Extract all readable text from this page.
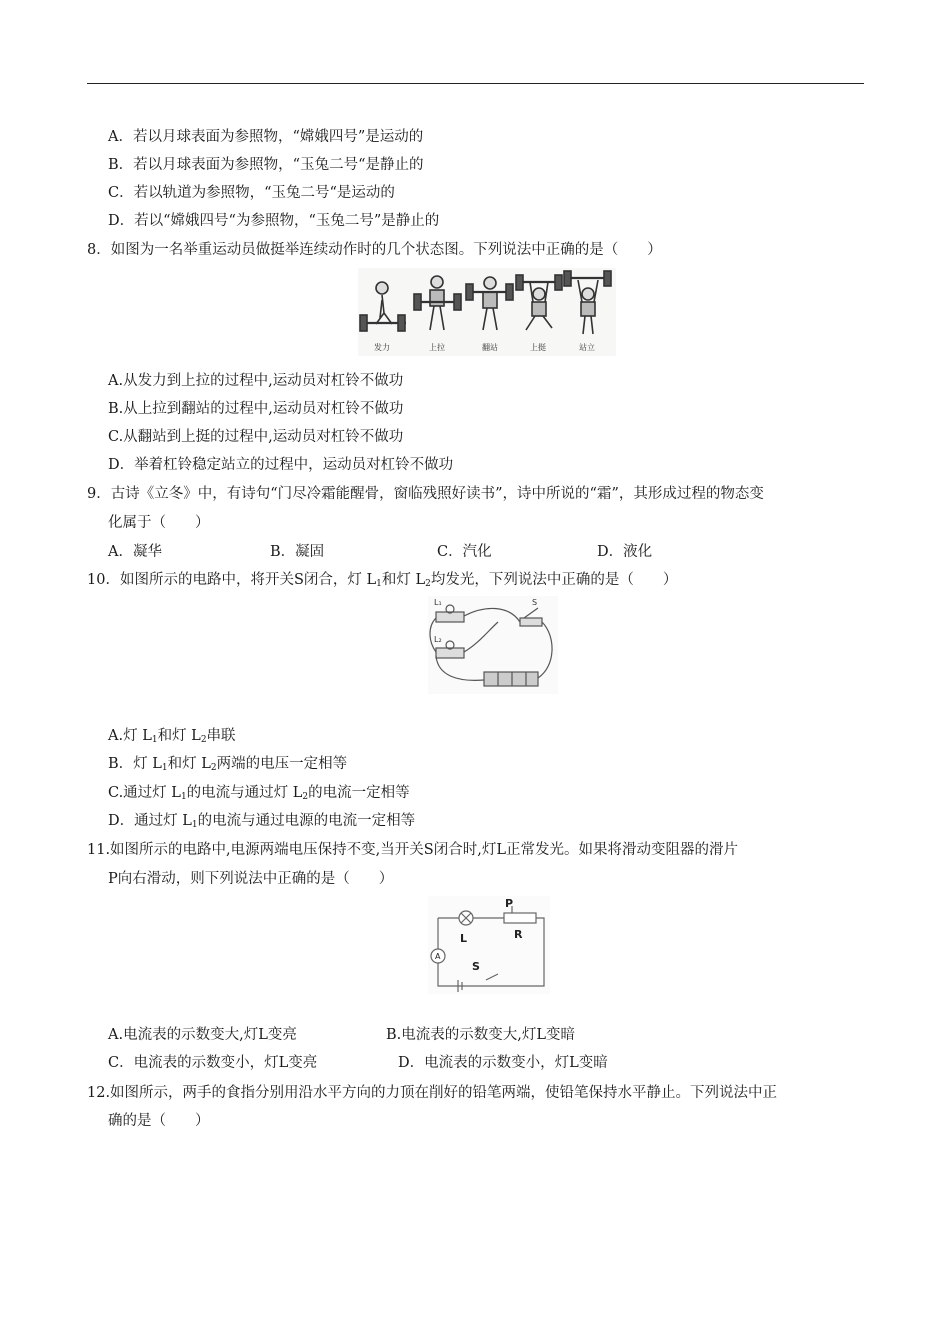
A．若以月球表面为参照物，“嫦娥四号”是运动的
B．若以月球表面为参照物，“玉兔二号“是静止的
C．若以轨道为参照物，“玉兔二号“是运动的
D．若以“嫦娥四号“为参照物，“玉兔二号”是静止的
8．如图为一名举重运动员做挺举连续动作时的几个状态图。下列说法中正确的是（　　）
发力	上拉	翻站	上挺	站立
A.从发力到上拉的过程中,运动员对杠铃不做功
B.从上拉到翻站的过程中,运动员对杠铃不做功
C.从翻站到上挺的过程中,运动员对杠铃不做功
D．举着杠铃稳定站立的过程中，运动员对杠铃不做功
9．古诗《立冬》中，有诗句“门尽冷霜能醒骨，窗临残照好读书”，诗中所说的“霜”，其形成过程的物态变
化属于（　　）
A．凝华	B．凝固	C．汽化	D．液化
10．如图所示的电路中，将开关S闭合，灯 $L_1$和灯 $L_2$均发光，下列说法中正确的是（　　）
L₁
L₂
S
A.灯 $L_1$和灯 $L_2$串联
B．灯 $L_1$和灯 $L_2$两端的电压一定相等
C.通过灯 $L_1$的电流与通过灯 $L_2$的电流一定相等
D．通过灯 $L_1$的电流与通过电源的电流一定相等
11.如图所示的电路中,电源两端电压保持不变,当开关S闭合时,灯L正常发光。如果将滑动变阻器的滑片
P向右滑动，则下列说法中正确的是（　　）
P
R
L
A
S
A.电流表的示数变大,灯L变亮	B.电流表的示数变大,灯L变暗
C．电流表的示数变小，灯L变亮	D．电流表的示数变小，灯L变暗
12.如图所示，两手的食指分别用沿水平方向的力顶在削好的铅笔两端，使铅笔保持水平静止。下列说法中正
确的是（　　）
